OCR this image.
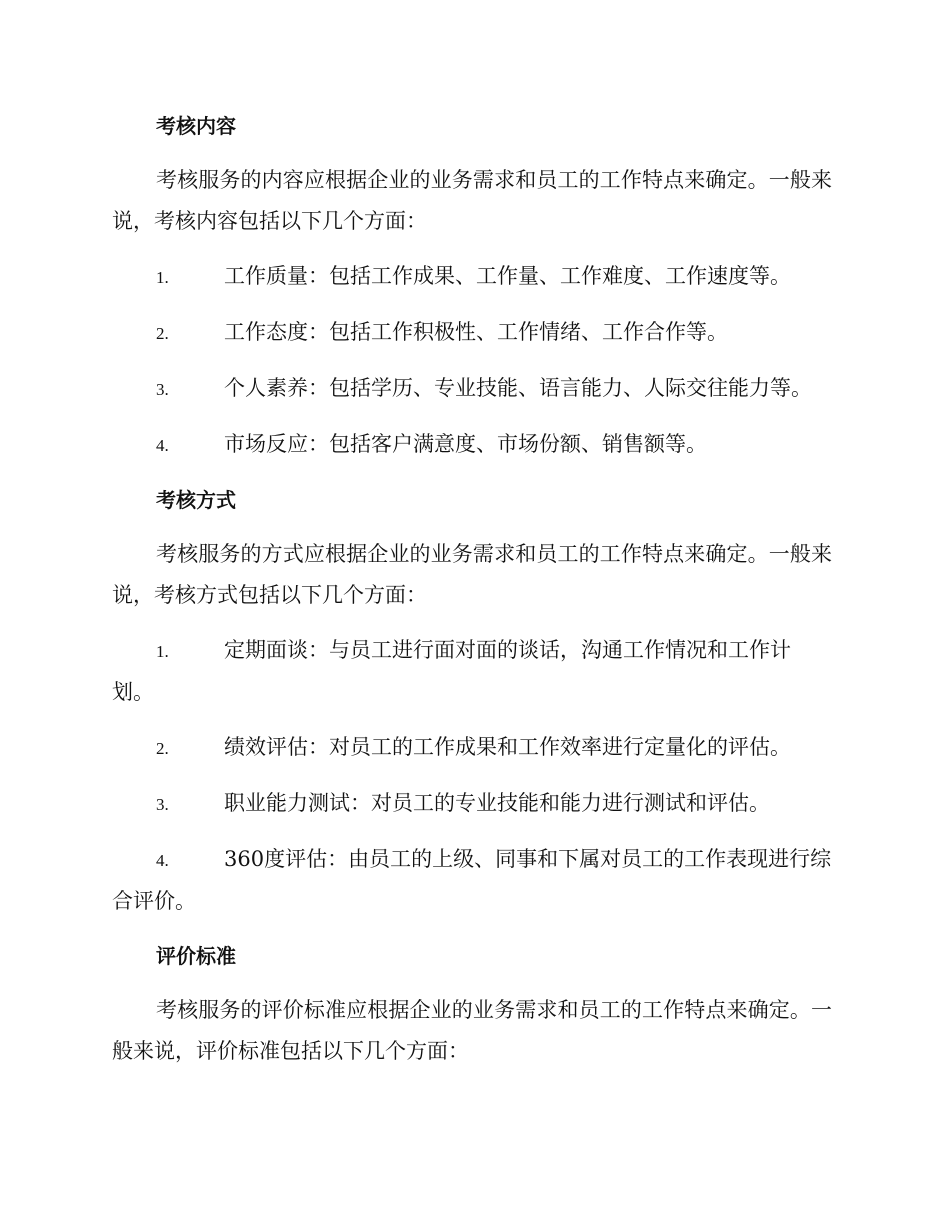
考核内容

考核服务的内容应根据企业的业务需求和员工的工作特点来确定。一般来说，考核内容包括以下几个方面：

1.	工作质量：包括工作成果、工作量、工作难度、工作速度等。
2.	工作态度：包括工作积极性、工作情绪、工作合作等。
3.	个人素养：包括学历、专业技能、语言能力、人际交往能力等。
4.	市场反应：包括客户满意度、市场份额、销售额等。
考核方式

考核服务的方式应根据企业的业务需求和员工的工作特点来确定。一般来说，考核方式包括以下几个方面：

1.	定期面谈：与员工进行面对面的谈话，沟通工作情况和工作计划。
2.	绩效评估：对员工的工作成果和工作效率进行定量化的评估。
3.	职业能力测试：对员工的专业技能和能力进行测试和评估。
4.	360度评估：由员工的上级、同事和下属对员工的工作表现进行综合评价。
评价标准

考核服务的评价标准应根据企业的业务需求和员工的工作特点来确定。一般来说，评价标准包括以下几个方面：
